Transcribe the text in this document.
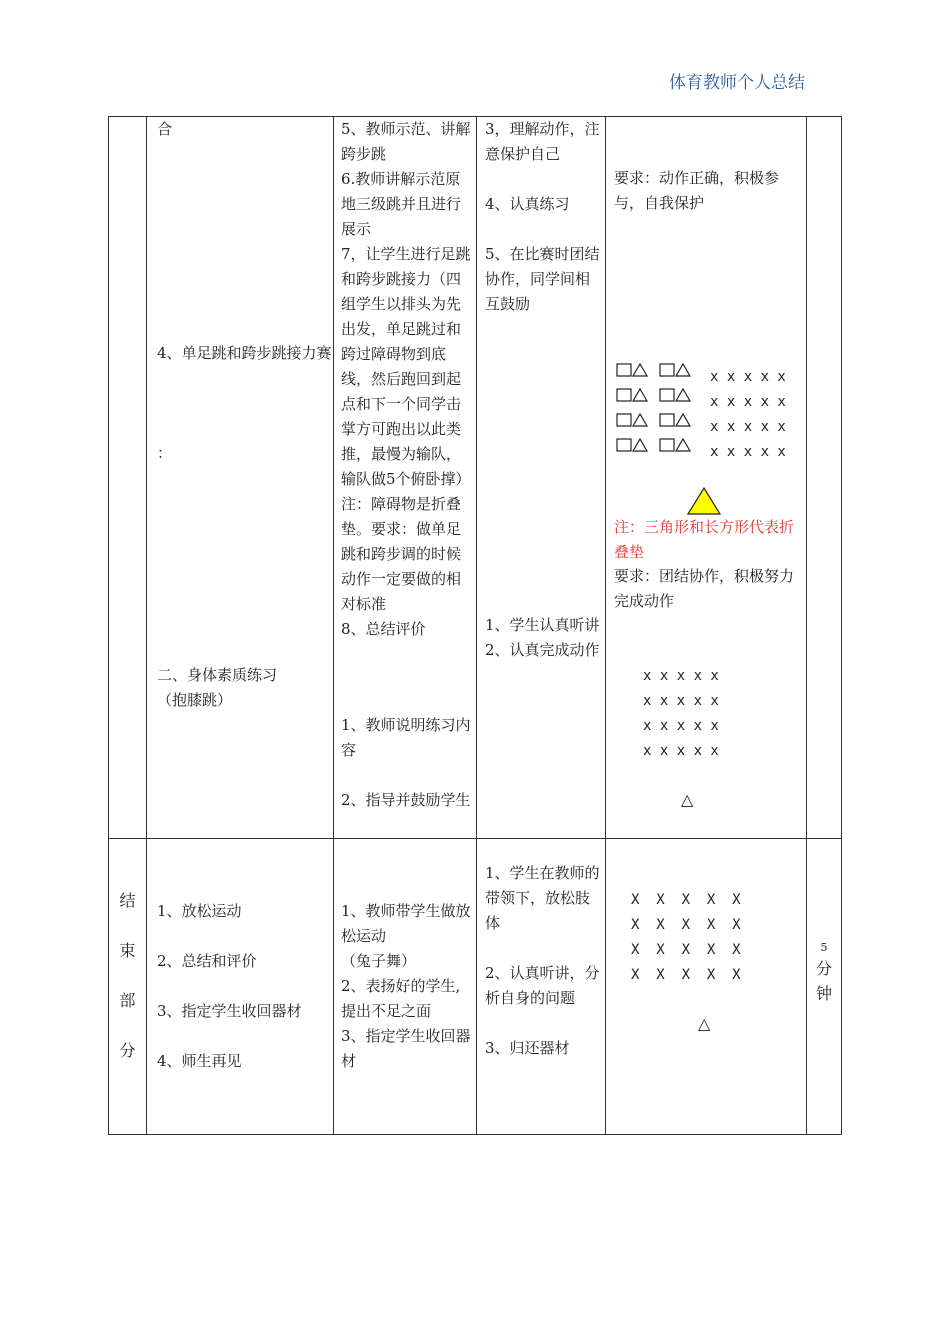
体育教师个人总结
合
4、单足跳和跨步跳接力赛
：
二、身体素质练习
（抱膝跳）
5、教师示范、讲解跨步跳
6.教师讲解示范原地三级跳并且进行展示
7，让学生进行足跳和跨步跳接力（四组学生以排头为先出发，单足跳过和跨过障碍物到底线，然后跑回到起点和下一个同学击掌方可跑出以此类推，最慢为输队，输队做5个俯卧撑）注：障碍物是折叠垫。要求：做单足跳和跨步调的时候动作一定要做的相对标准
8、总结评价
1、教师说明练习内容
2、指导并鼓励学生
3，理解动作，注意保护自己

4、认真练习

5、在比赛时团结协作，同学间相互鼓励
1、学生认真听讲
2、认真完成动作
要求：动作正确，积极参与，自我保护
x x x x x
x x x x x
x x x x x
x x x x x
注：三角形和长方形代表折叠垫
要求：团结协作，积极努力完成动作
x x x x x
x x x x x
x x x x x
x x x x x
△
结
束
部
分
1、放松运动

2、总结和评价

3、指定学生收回器材

4、师生再见
1、教师带学生做放松运动
（兔子舞）
2、表扬好的学生,提出不足之面
3、指定学生收回器材
1、学生在教师的带领下，放松肢体

2、认真听讲，分析自身的问题

3、归还器材
X  X  X  X  X
X  X  X  X  X
X  X  X  X  X
X  X  X  X  X
△
5
分
钟
